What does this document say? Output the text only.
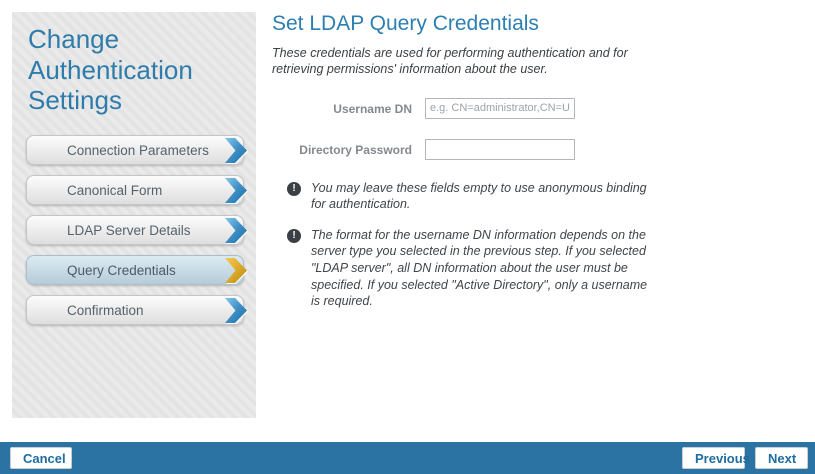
Change Authentication Settings
Connection Parameters
Canonical Form
LDAP Server Details
Query Credentials
Confirmation
Set LDAP Query Credentials

These credentials are used for performing authentication and for retrieving permissions' information about the user.

Username DN
e.g. CN=administrator,CN=Users
Directory Password
!	You may leave these fields empty to use anonymous binding for authentication.
!	The format for the username DN information depends on the server type you selected in the previous step. If you selected "LDAP server", all DN information about the user must be specified. If you selected "Active Directory", only a username is required.
Cancel	Previous	Next
